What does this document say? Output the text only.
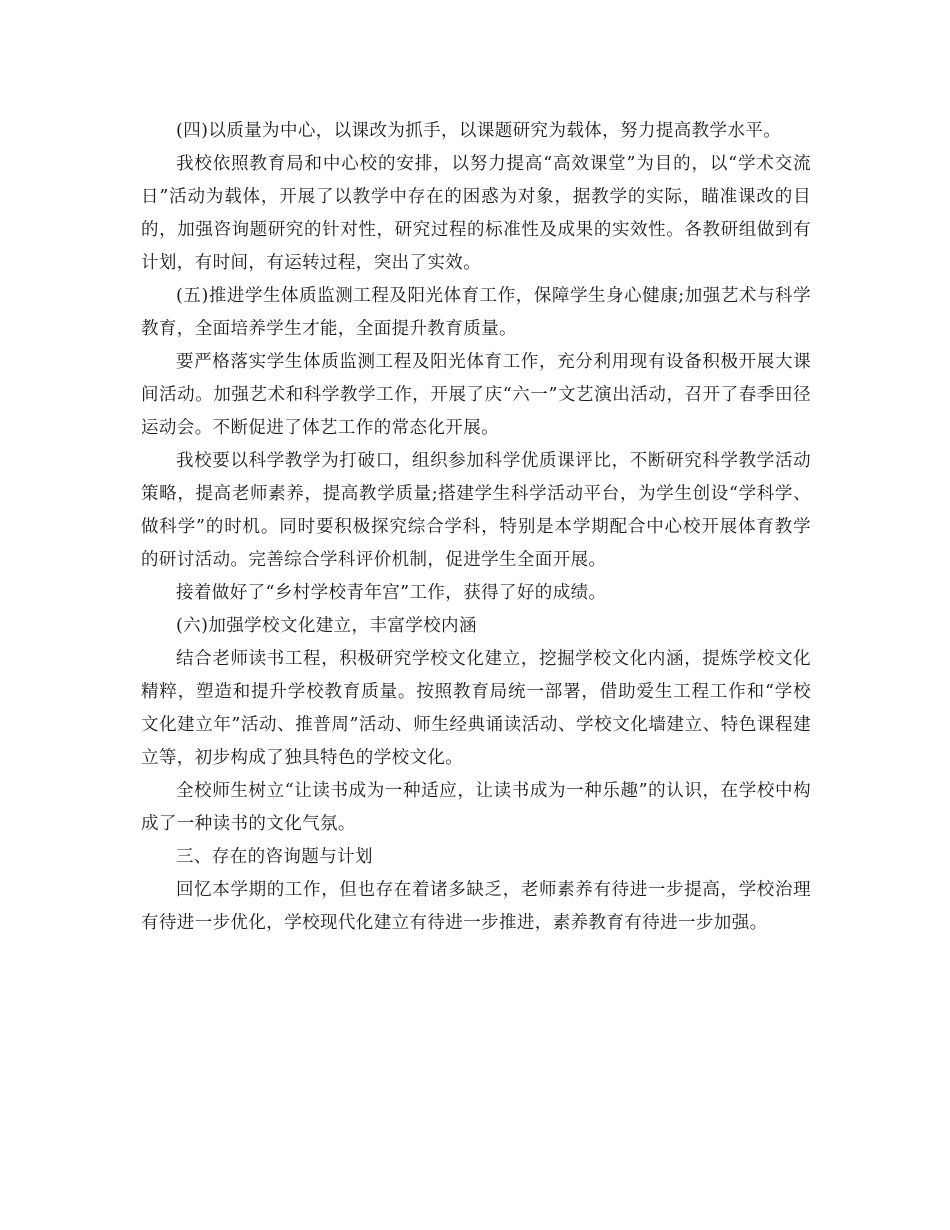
(四)以质量为中心，以课改为抓手，以课题研究为载体，努力提高教学水平。

我校依照教育局和中心校的安排，以努力提高“高效课堂”为目的，以“学术交流日”活动为载体，开展了以教学中存在的困惑为对象，据教学的实际，瞄准课改的目的，加强咨询题研究的针对性，研究过程的标准性及成果的实效性。各教研组做到有计划，有时间，有运转过程，突出了实效。

(五)推进学生体质监测工程及阳光体育工作，保障学生身心健康;加强艺术与科学教育，全面培养学生才能，全面提升教育质量。

要严格落实学生体质监测工程及阳光体育工作，充分利用现有设备积极开展大课间活动。加强艺术和科学教学工作，开展了庆“六一”文艺演出活动，召开了春季田径运动会。不断促进了体艺工作的常态化开展。

我校要以科学教学为打破口，组织参加科学优质课评比，不断研究科学教学活动策略，提高老师素养，提高教学质量;搭建学生科学活动平台，为学生创设“学科学、做科学”的时机。同时要积极探究综合学科，特别是本学期配合中心校开展体育教学的研讨活动。完善综合学科评价机制，促进学生全面开展。

接着做好了“乡村学校青年宫”工作，获得了好的成绩。

(六)加强学校文化建立，丰富学校内涵

结合老师读书工程，积极研究学校文化建立，挖掘学校文化内涵，提炼学校文化精粹，塑造和提升学校教育质量。按照教育局统一部署，借助爱生工程工作和“学校文化建立年”活动、推普周”活动、师生经典诵读活动、学校文化墙建立、特色课程建立等，初步构成了独具特色的学校文化。

全校师生树立“让读书成为一种适应，让读书成为一种乐趣”的认识，在学校中构成了一种读书的文化气氛。

三、存在的咨询题与计划

回忆本学期的工作，但也存在着诸多缺乏，老师素养有待进一步提高，学校治理有待进一步优化，学校现代化建立有待进一步推进，素养教育有待进一步加强。
